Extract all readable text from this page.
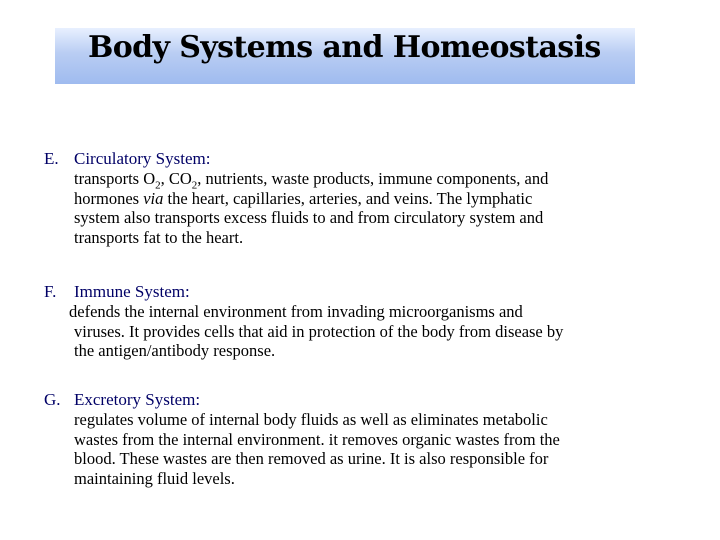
Body Systems and Homeostasis
E. Circulatory System:
transports $O_2$, $CO_2$, nutrients, waste products, immune components, and
hormones via the heart, capillaries, arteries, and veins. The lymphatic
system also transports excess fluids to and from circulatory system and
transports fat to the heart.
F. Immune System:
defends the internal environment from invading microorganisms and
viruses. It provides cells that aid in protection of the body from disease by
the antigen/antibody response.
G. Excretory System:
regulates volume of internal body fluids as well as eliminates metabolic
wastes from the internal environment. it removes organic wastes from the
blood. These wastes are then removed as urine. It is also responsible for
maintaining fluid levels.
